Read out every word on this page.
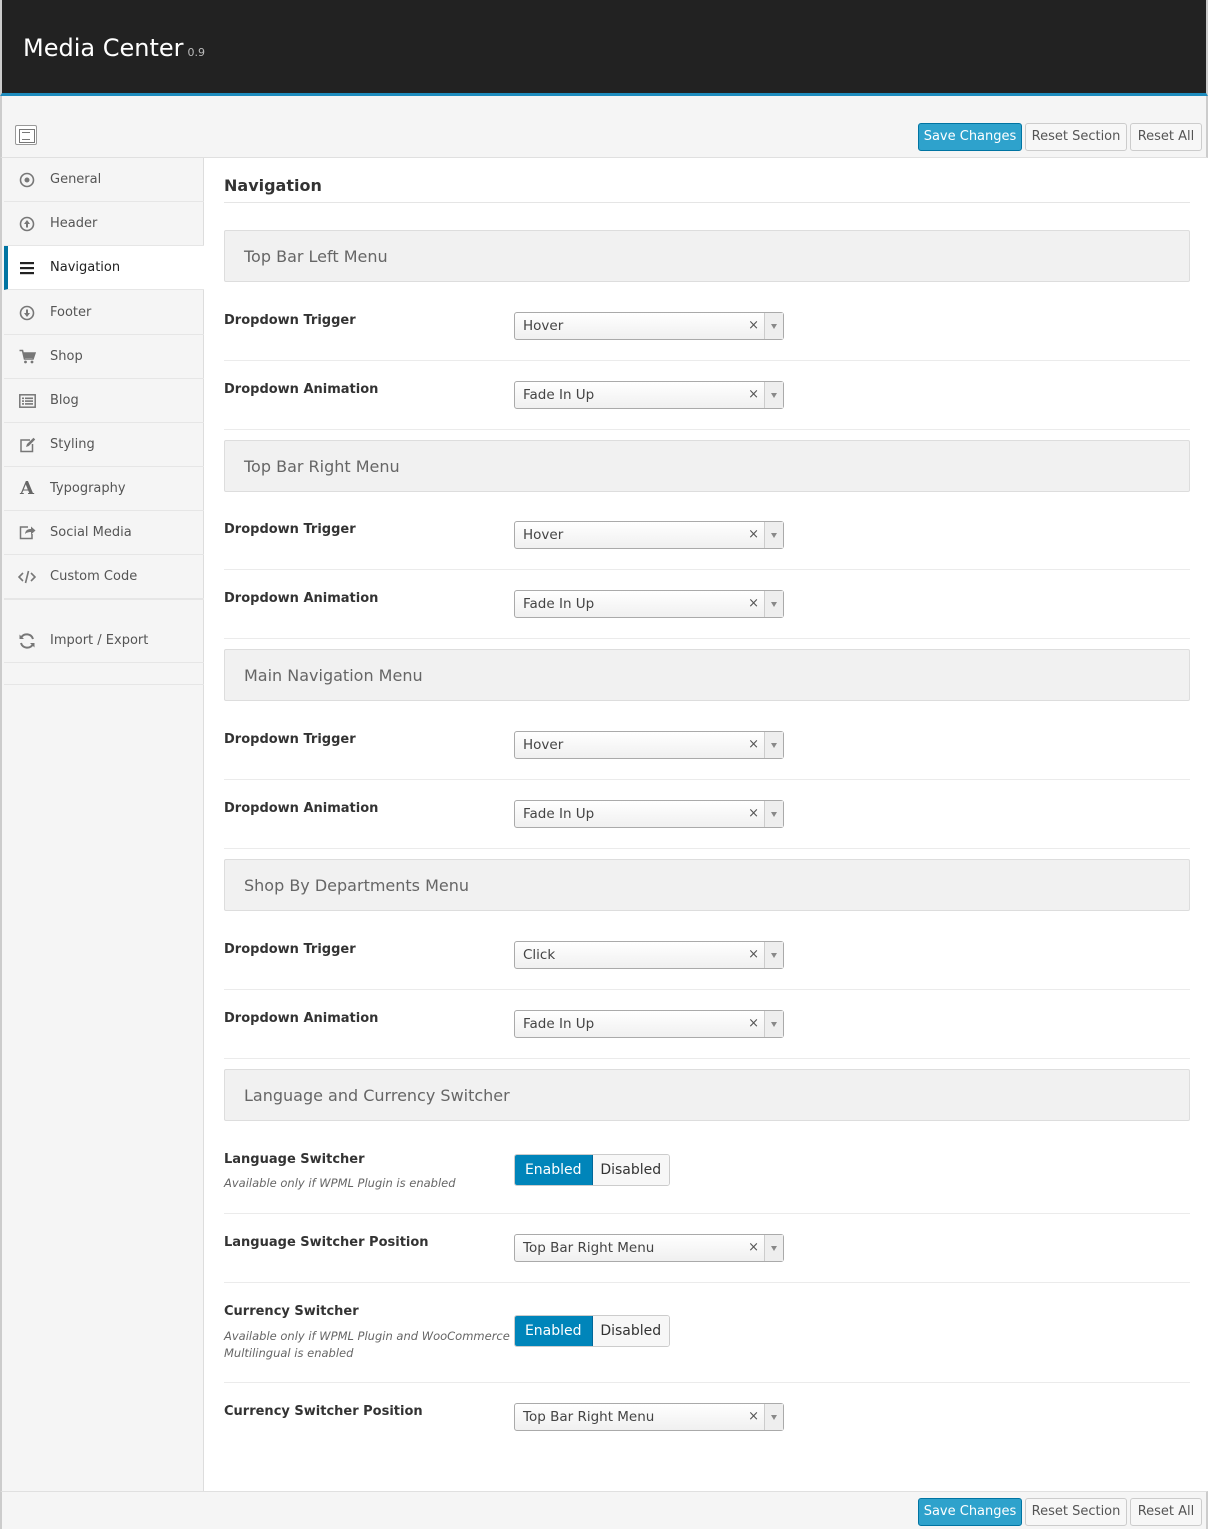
Media Center 0.9
Save Changes	Reset Section	Reset All
General
Header
Navigation
Footer
Shop
Blog
Styling
A Typography
Social Media
Custom Code
Import / Export
Navigation
Top Bar Left Menu
Dropdown Trigger	Hover	×
Dropdown Animation	Fade In Up	×
Top Bar Right Menu
Dropdown Trigger	Hover	×
Dropdown Animation	Fade In Up	×
Main Navigation Menu
Dropdown Trigger	Hover	×
Dropdown Animation	Fade In Up	×
Shop By Departments Menu
Dropdown Trigger	Click	×
Dropdown Animation	Fade In Up	×
Language and Currency Switcher
Language Switcher
Available only if WPML Plugin is enabled
Enabled	Disabled
Language Switcher Position	Top Bar Right Menu	×
Currency Switcher
Available only if WPML Plugin and WooCommerce Multilingual is enabled
Enabled	Disabled
Currency Switcher Position	Top Bar Right Menu	×
Save Changes	Reset Section	Reset All
